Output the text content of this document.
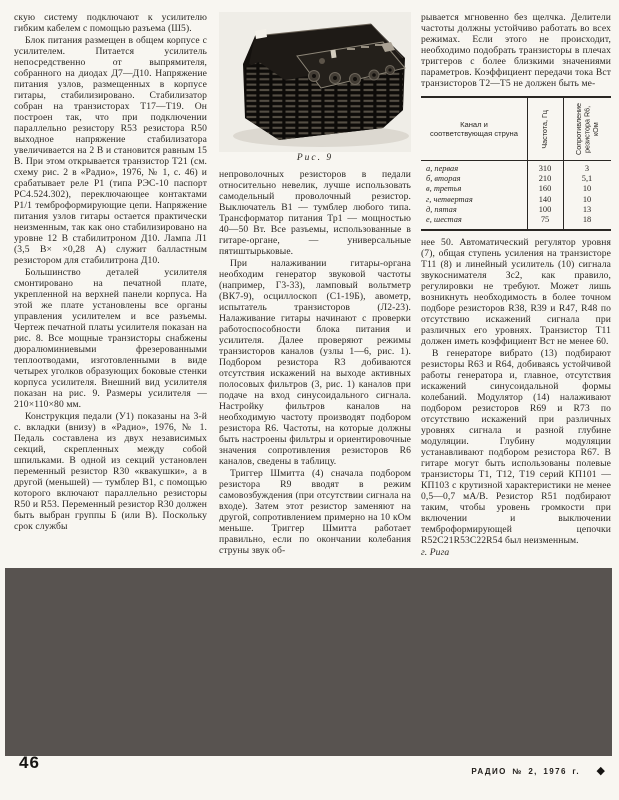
скую систему подключают к усилителю гибким кабелем с помощью разъема (Ш5).

Блок питания размещен в общем корпусе с усилителем. Питается усилитель непосредственно от выпрямителя, собранного на диодах Д7—Д10. Напряжение питания узлов, размещенных в корпусе гитары, стабилизировано. Стабилизатор собран на транзисторах Т17—Т19. Он построен так, что при подключении параллельно резистору R53 резистора R50 выходное напряжение стабилизатора увеличивается на 2 В и становится равным 15 В. При этом открывается транзистор Т21 (см. схему рис. 2 в «Радио», 1976, № 1, с. 46) и срабатывает реле Р1 (типа РЭС-10 паспорт РС4.524.302), переключающее контактами Р1/1 темброформирующие цепи. Напряжение питания узлов гитары остается практически неизменным, так как оно стабилизировано на уровне 12 В стабилитроном Д10. Лампа Л1 (3,5 В× ×0,28 А) служит балластным резистором для стабилитрона Д10.

Большинство деталей усилителя смонтировано на печатной плате, укрепленной на верхней панели корпуса. На этой же плате установлены все органы управления усилителем и все разъемы. Чертеж печатной платы усилителя показан на рис. 8. Все мощные транзисторы снабжены дюралюминиевыми фрезерованными теплоотводами, изготовленными в виде четырех уголков образующих боковые стенки корпуса усилителя. Внешний вид усилителя показан на рис. 9. Размеры усилителя — 210×110×80 мм.

Конструкция педали (У1) показаны на 3-й с. вкладки (внизу) в «Радио», 1976, № 1. Педаль составлена из двух независимых секций, скрепленных между собой шпильками. В одной из секций установлен переменный резистор R30 «квакушки», а в другой (меньшей) — тумблер В1, с помощью которого включают параллельно резисторы R50 и R53. Переменный резистор R30 должен быть выбран группы Б (или В). Поскольку срок службы

Рис. 9

непроволочных резисторов в педали относительно невелик, лучше использовать самодельный проволочный резистор. Выключатель В1 — тумблер любого типа. Трансформатор питания Тр1 — мощностью 40—50 Вт. Все разъемы, использованные в гитаре-органе, — универсальные пятиштырьковые.

При налаживании гитары-органа необходим генератор звуковой частоты (например, Г3-33), ламповый вольтметр (ВК7-9), осциллоскоп (С1-19Б), авометр, испытатель транзисторов (Л2-23). Налаживание гитары начинают с проверки работоспособности блока питания и усилителя. Далее проверяют режимы транзисторов каналов (узлы 1—6, рис. 1). Подбором резистора R3 добиваются отсутствия искажений на выходе активных полосовых фильтров (3, рис. 1) каналов при подаче на вход синусоидального сигнала. Настройку фильтров каналов на необходимую частоту производят подбором резистора R6. Частоты, на которые должны быть настроены фильтры и ориентировочные значения сопротивления резисторов R6 каналов, сведены в таблицу.

Триггер Шмитта (4) сначала подбором резистора R9 вводят в режим самовозбуждения (при отсутствии сигнала на входе). Затем этот резистор заменяют на другой, сопротивлением примерно на 10 кОм меньше. Триггер Шмитта работает правильно, если по окончании колебания струны звук об-

рывается мгновенно без щелчка. Делители частоты должны устойчиво работать во всех режимах. Если этого не происходит, необходимо подобрать транзисторы в плечах триггеров с более близкими значениями параметров. Коэффициент передачи тока Вст транзисторов Т2—Т5 не должен быть ме-

Канал и соответствующая струна	Частота, Гц	Сопротивление резистора R6, кОм
а, первая	310	3
б, вторая	210	5,1
в, третья	160	10
г, четвертая	140	10
д, пятая	100	13
е, шестая	75	18

нее 50. Автоматический регулятор уровня (7), общая ступень усиления на транзисторе Т11 (8) и линейный усилитель (10) сигнала звукоснимателя Зс2, как правило, регулировки не требуют. Может лишь возникнуть необходимость в более точном подборе резисторов R38, R39 и R47, R48 по отсутствию искажений сигнала при различных его уровнях. Транзистор Т11 должен иметь коэффициент Вст не менее 60.

В генераторе вибрато (13) подбирают резисторы R63 и R64, добиваясь устойчивой работы генератора и, главное, отсутствия искажений синусоидальной формы колебаний. Модулятор (14) налаживают подбором резисторов R69 и R73 по отсутствию искажений при различных уровнях сигнала и разной глубине модуляции. Глубину модуляции устанавливают подбором резистора R67. В гитаре могут быть использованы полевые транзисторы Т1, Т12, Т19 серий КП101 — КП103 с крутизной характеристики не менее 0,5—0,7 мА/В. Резистор R51 подбирают таким, чтобы уровень громкости при включении и выключении темброформирующей цепочки R52C21R53C22R54 был неизменным.

г. Рига

46	РАДИО № 2, 1976 г. ◆
